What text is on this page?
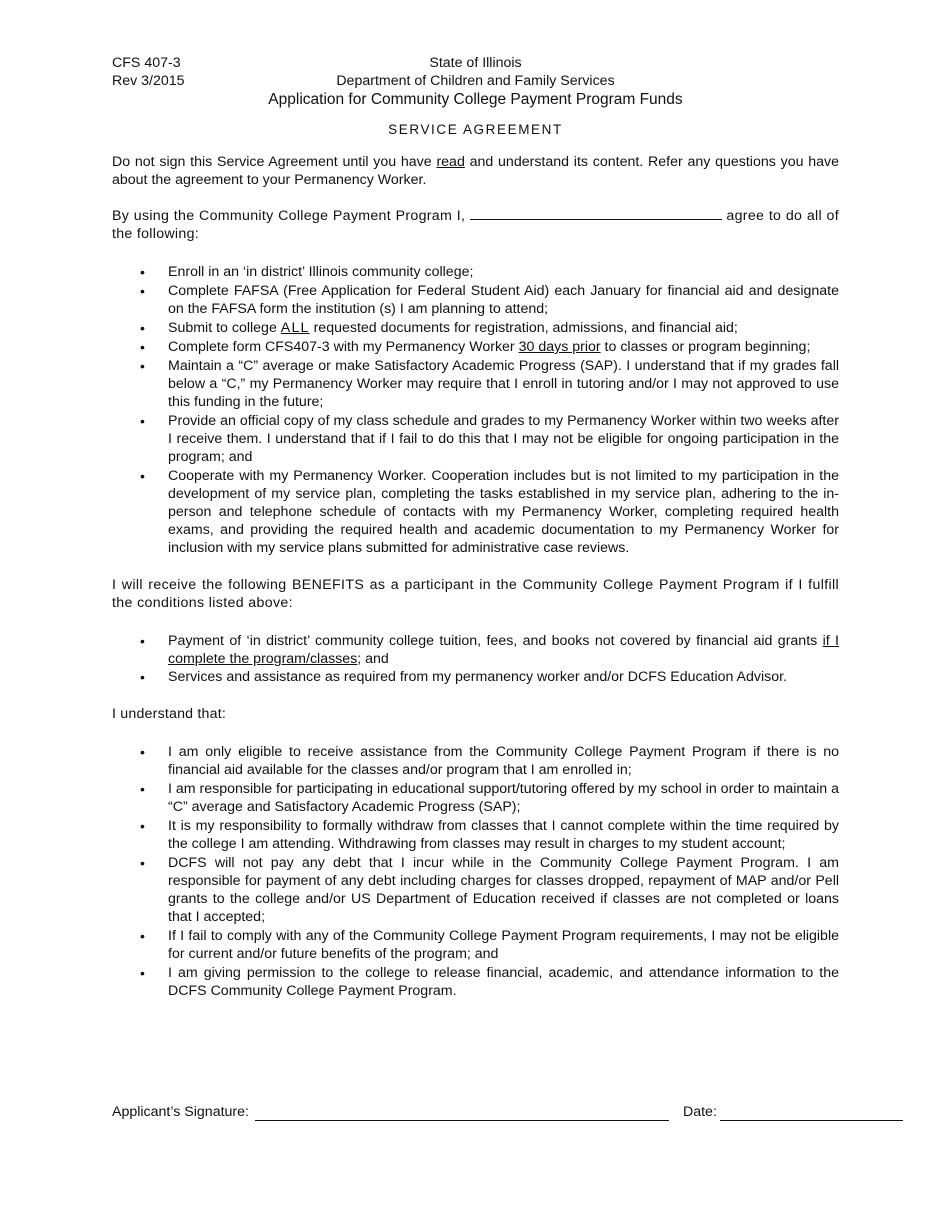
CFS 407-3
Rev 3/2015
State of Illinois
Department of Children and Family Services
Application for Community College Payment Program Funds
SERVICE AGREEMENT

Do not sign this Service Agreement until you have read and understand its content. Refer any questions you have about the agreement to your Permanency Worker.

By using the Community College Payment Program I,	agree to do all of the following:

• Enroll in an ‘in district’ Illinois community college;
• Complete FAFSA (Free Application for Federal Student Aid) each January for financial aid and designate on the FAFSA form the institution (s) I am planning to attend;
• Submit to college ALL requested documents for registration, admissions, and financial aid;
• Complete form CFS407-3 with my Permanency Worker 30 days prior to classes or program beginning;
• Maintain a “C” average or make Satisfactory Academic Progress (SAP). I understand that if my grades fall below a “C,” my Permanency Worker may require that I enroll in tutoring and/or I may not approved to use this funding in the future;
• Provide an official copy of my class schedule and grades to my Permanency Worker within two weeks after I receive them. I understand that if I fail to do this that I may not be eligible for ongoing participation in the program; and
• Cooperate with my Permanency Worker. Cooperation includes but is not limited to my participation in the development of my service plan, completing the tasks established in my service plan, adhering to the in-person and telephone schedule of contacts with my Permanency Worker, completing required health exams, and providing the required health and academic documentation to my Permanency Worker for inclusion with my service plans submitted for administrative case reviews.

I will receive the following BENEFITS as a participant in the Community College Payment Program if I fulfill the conditions listed above:

• Payment of ‘in district’ community college tuition, fees, and books not covered by financial aid grants if I complete the program/classes; and
• Services and assistance as required from my permanency worker and/or DCFS Education Advisor.

I understand that:

• I am only eligible to receive assistance from the Community College Payment Program if there is no financial aid available for the classes and/or program that I am enrolled in;
• I am responsible for participating in educational support/tutoring offered by my school in order to maintain a “C” average and Satisfactory Academic Progress (SAP);
• It is my responsibility to formally withdraw from classes that I cannot complete within the time required by the college I am attending. Withdrawing from classes may result in charges to my student account;
• DCFS will not pay any debt that I incur while in the Community College Payment Program. I am responsible for payment of any debt including charges for classes dropped, repayment of MAP and/or Pell grants to the college and/or US Department of Education received if classes are not completed or loans that I accepted;
• If I fail to comply with any of the Community College Payment Program requirements, I may not be eligible for current and/or future benefits of the program; and
• I am giving permission to the college to release financial, academic, and attendance information to the DCFS Community College Payment Program.
Applicant’s Signature:	Date:
